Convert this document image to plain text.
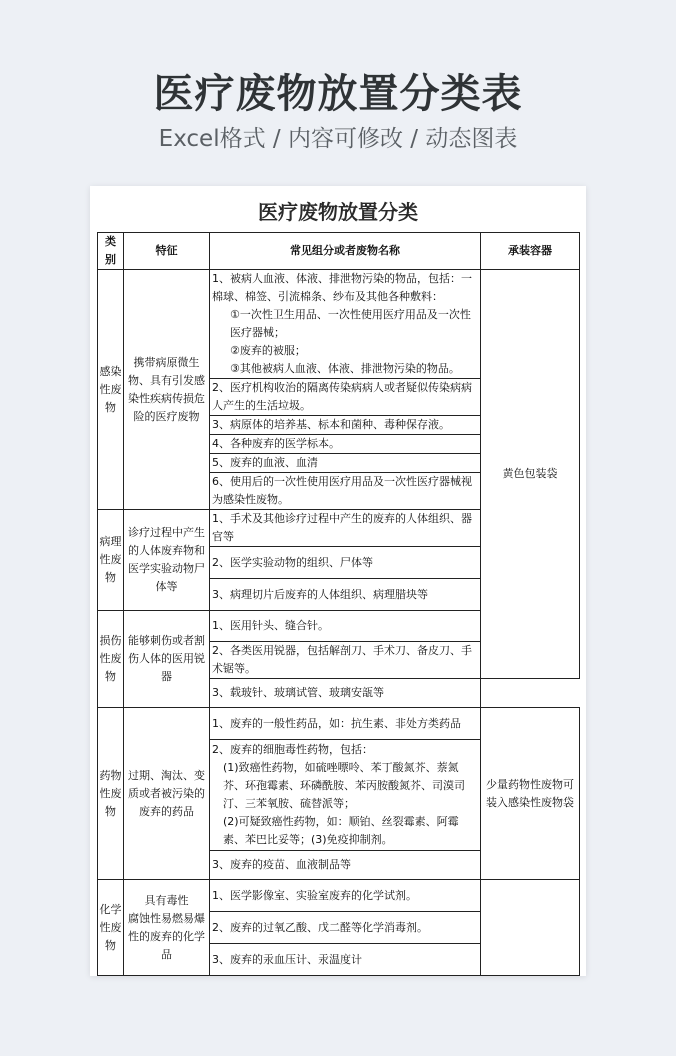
医疗废物放置分类表
Excel格式 / 内容可修改 / 动态图表
医疗废物放置分类
类别	特征	常见组分或者废物名称	承装容器
感染性废物	携带病原微生物、具有引发感染性疾病传损危险的医疗废物	1、被病人血液、体液、排泄物污染的物品，包括：一棉球、棉签、引流棉条、纱布及其他各种敷料：
①一次性卫生用品、一次性使用医疗用品及一次性医疗器械；
②废弃的被服；
③其他被病人血液、体液、排泄物污染的物品。	黄色包装袋
		2、医疗机构收治的隔离传染病病人或者疑似传染病病人产生的生活垃圾。	
		3、病原体的培养基、标本和菌种、毒种保存液。	
		4、各种废弃的医学标本。	
		5、废弃的血液、血清	
		6、使用后的一次性使用医疗用品及一次性医疗器械视为感染性废物。	
病理性废物	诊疗过程中产生的人体废弃物和医学实验动物尸体等	1、手术及其他诊疗过程中产生的废弃的人体组织、器官等	
		2、医学实验动物的组织、尸体等	
		3、病理切片后废弃的人体组织、病理腊块等	
损伤性废物	能够刺伤或者割伤人体的医用锐器	1、医用针头、缝合针。	
		2、各类医用锐器，包括解剖刀、手术刀、备皮刀、手术锯等。	
		3、载玻针、玻璃试管、玻璃安瓿等
药物性废物	过期、淘汰、变质或者被污染的废弃的药品	1、废弃的一般性药品，如：抗生素、非处方类药品	少量药物性废物可装入感染性废物袋

		2、废弃的细胞毒性药物，包括：
(1)致癌性药物，如硫唑嘌呤、苯丁酸氮芥、萘氮芥、环孢霉素、环磷酰胺、苯丙胺酸氮芥、司漠司汀、三苯氧胺、硫替派等；
(2)可疑致癌性药物，如：顺铂、丝裂霉素、阿霉素、苯巴比妥等；(3)免疫抑制剂。	

		3、废弃的疫苗、血液制品等	
化学性废物	具有毒性
腐蚀性易燃易爆性的废弃的化学品	1、医学影像室、实验室废弃的化学试剂。	
		2、废弃的过氧乙酸、戊二醛等化学消毒剂。	
		3、废弃的汞血压计、汞温度计	
